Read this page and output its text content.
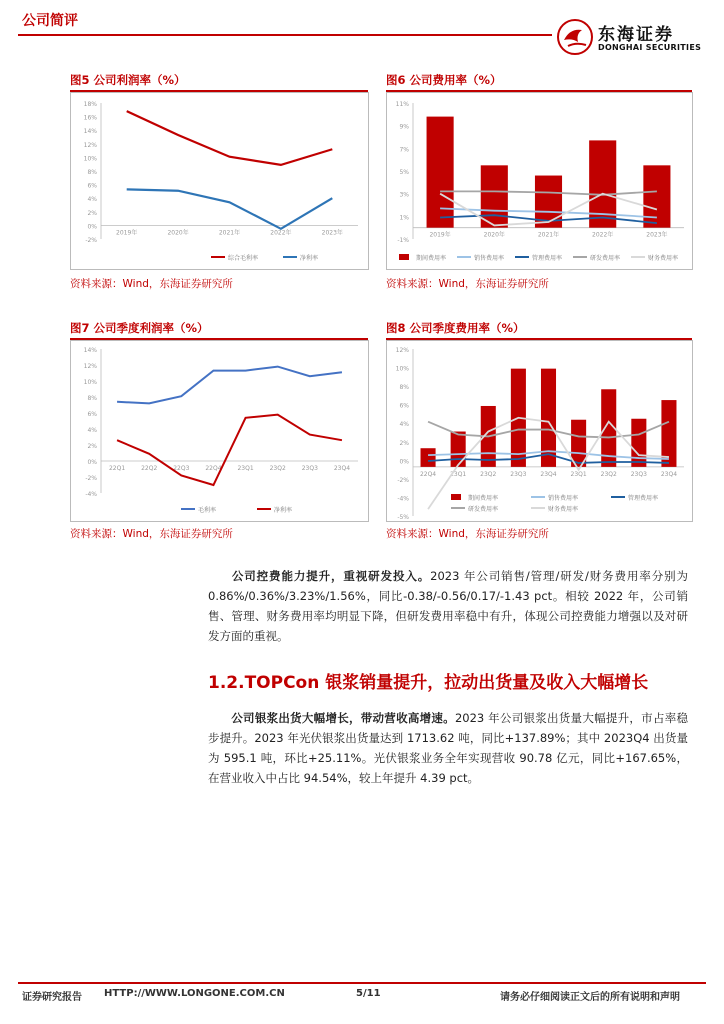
公司简评
东海证券
DONGHAI SECURITIES
图5 公司利润率（%）	图6 公司费用率（%）
图7 公司季度利润率（%）	图8 公司季度费用率（%）
18%
16%
14%
12%
10%
8%
6%
4%
2%
0%
-2%
2019年	2020年	2021年	2022年	2023年
综合毛利率	净利率
11%
9%
7%
5%
3%
1%
-1%
2019年	2020年	2021年	2022年	2023年
期间费用率	销售费用率	管理费用率	研发费用率	财务费用率
14%
12%
10%
8%
6%
4%
2%
0%
-2%
-4%
22Q1	22Q2	22Q3	22Q4	23Q1	23Q2	23Q3	23Q4
毛利率	净利率
12%
10%
8%
6%
4%
2%
0%
-2%
-4%
-5%
22Q4 23Q1 23Q2 23Q3 23Q4 23Q1 23Q2 23Q3 23Q4
期间费用率	销售费用率	管理费用率
研发费用率	财务费用率
资料来源：Wind，东海证券研究所	资料来源：Wind，东海证券研究所
资料来源：Wind，东海证券研究所	资料来源：Wind，东海证券研究所
公司控费能力提升，重视研发投入。2023 年公司销售/管理/研发/财务费用率分别为 0.86%/0.36%/3.23%/1.56%，同比-0.38/-0.56/0.17/-1.43 pct。相较 2022 年，公司销售、管理、财务费用率均明显下降，但研发费用率稳中有升，体现公司控费能力增强以及对研发方面的重视。
1.2.TOPCon 银浆销量提升，拉动出货量及收入大幅增长
公司银浆出货大幅增长，带动营收高增速。2023 年公司银浆出货量大幅提升，市占率稳步提升。2023 年光伏银浆出货量达到 1713.62 吨，同比+137.89%；其中 2023Q4 出货量为 595.1 吨，环比+25.11%。光伏银浆业务全年实现营收 90.78 亿元，同比+167.65%，在营业收入中占比 94.54%，较上年提升 4.39 pct。
证券研究报告 HTTP://WWW.LONGONE.COM.CN	5/11	请务必仔细阅读正文后的所有说明和声明
